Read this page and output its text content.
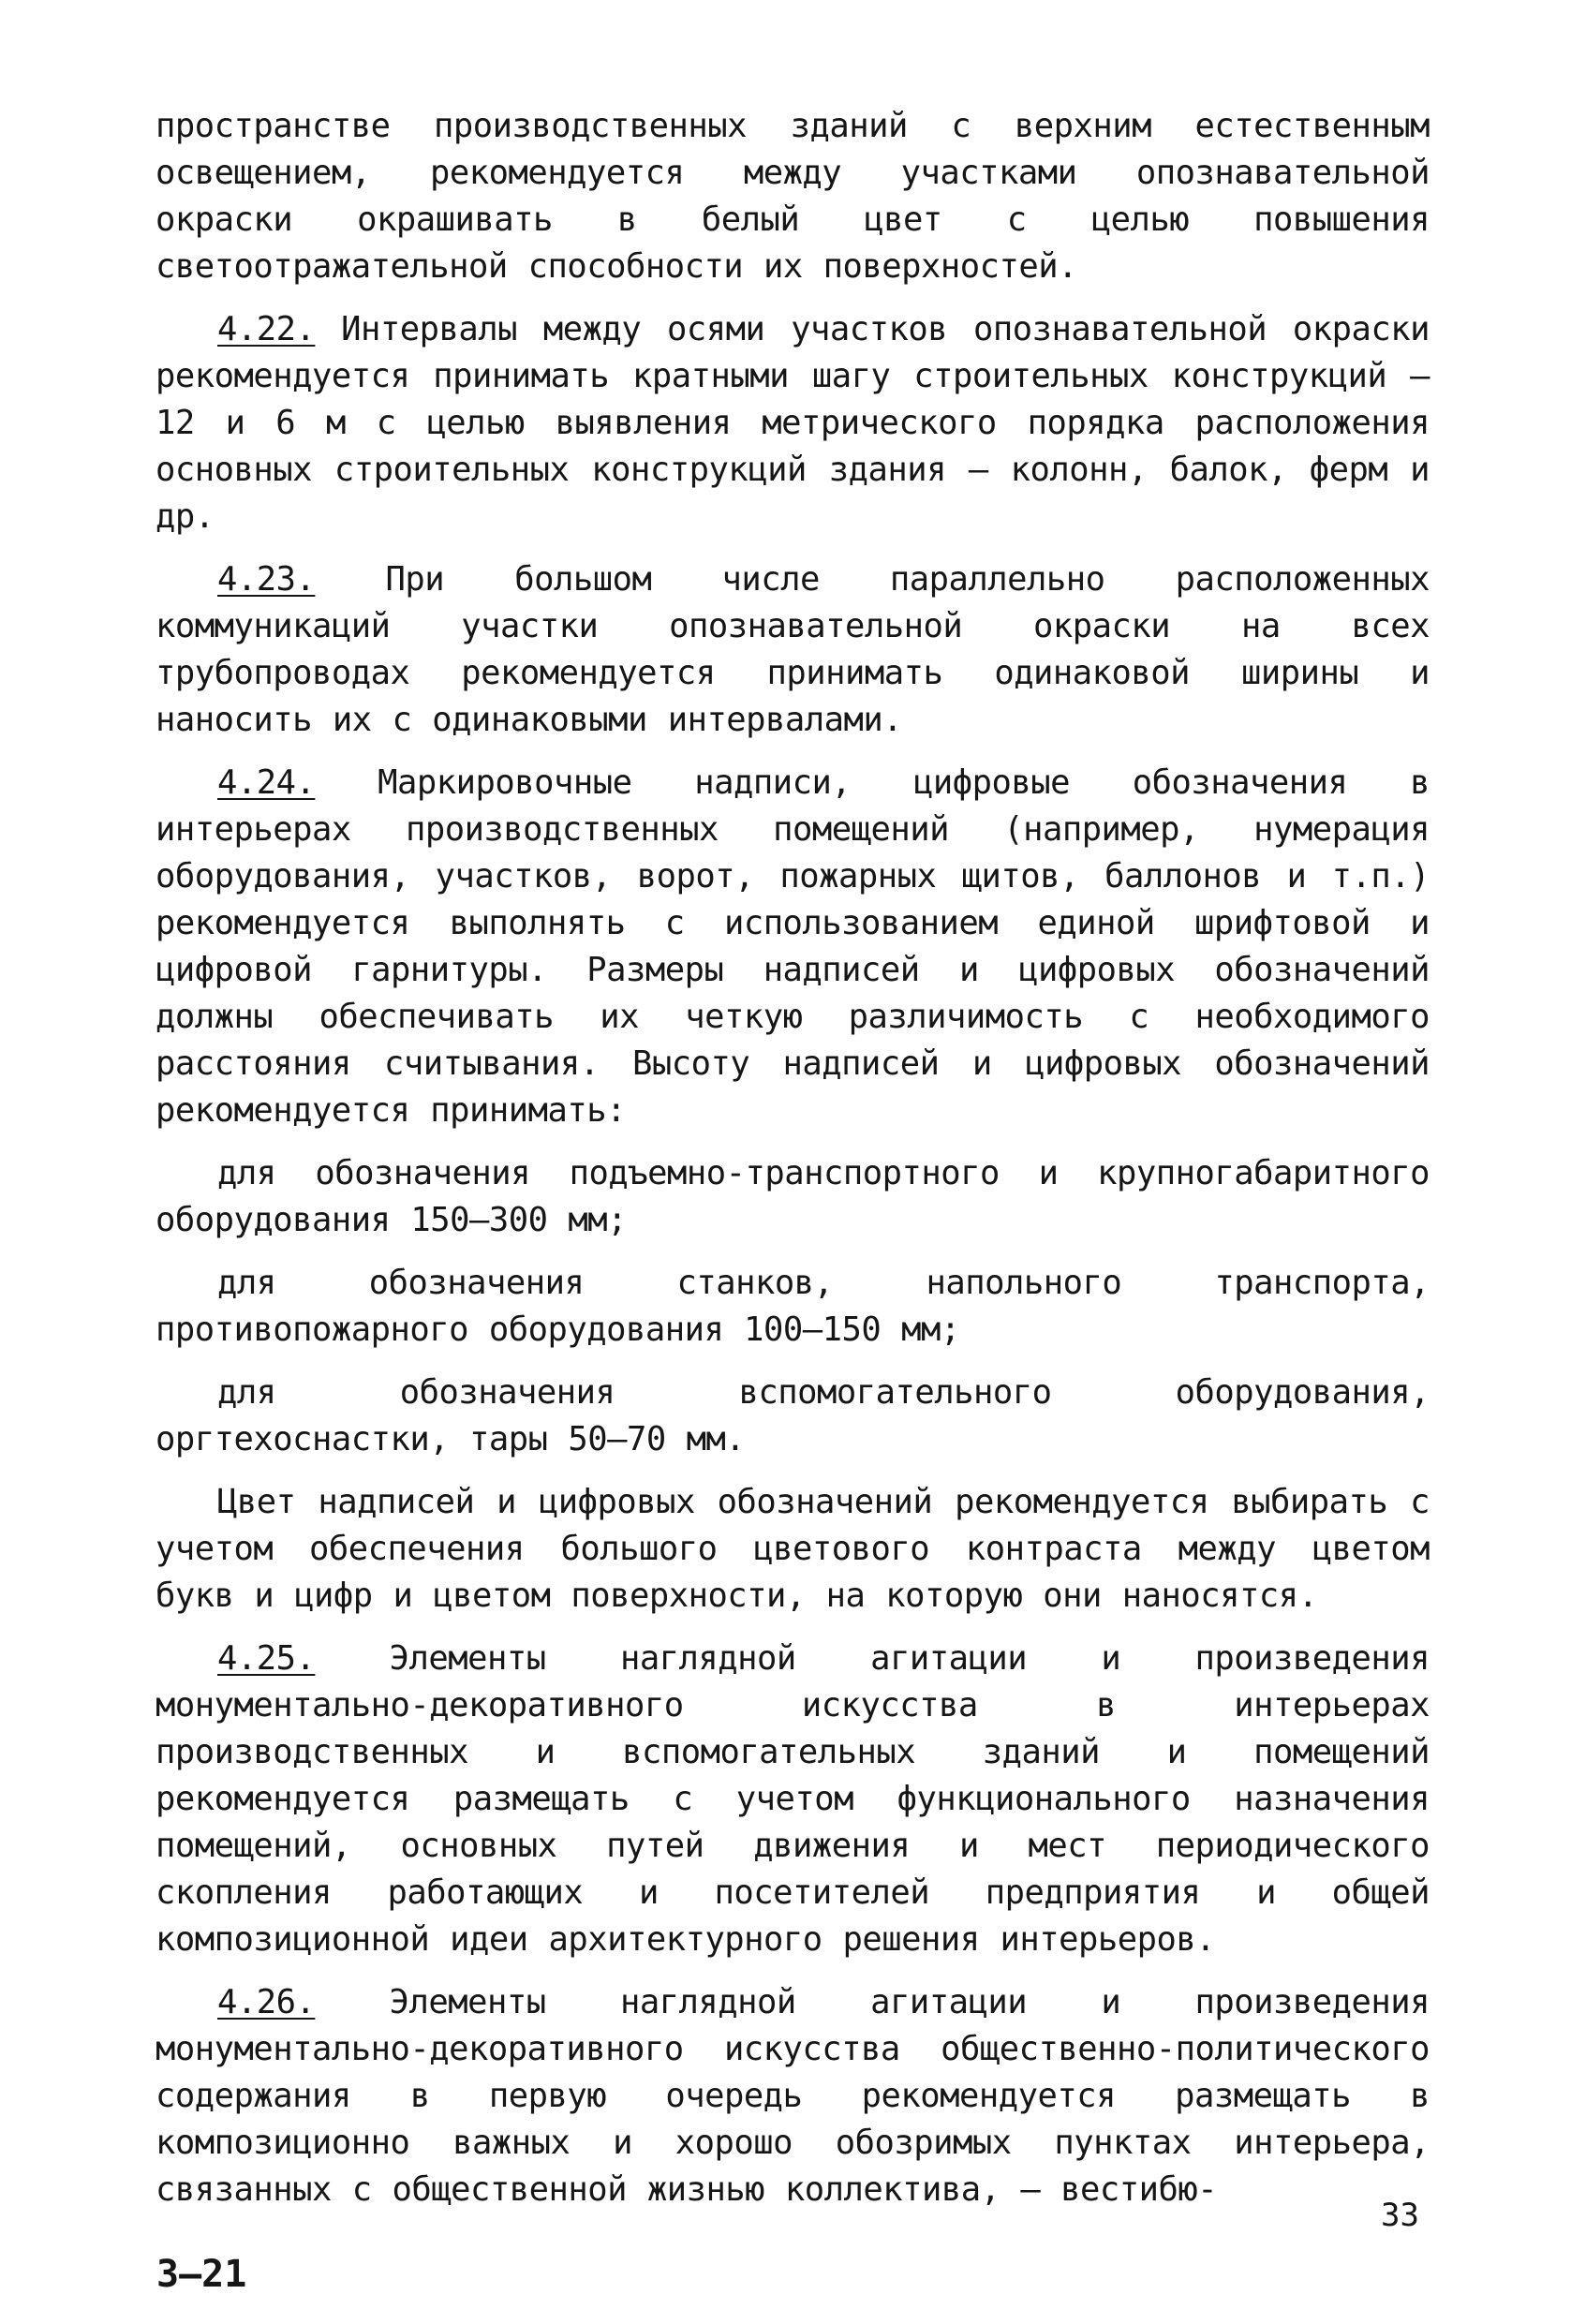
пространстве производственных зданий с верхним естественным освещением, рекомендуется между участками опознавательной окраски окрашивать в белый цвет с целью повышения светоотражательной способности их поверхностей.

4.22. Интервалы между осями участков опознавательной окраски рекомендуется принимать кратными шагу строительных конструкций – 12 и 6 м с целью выявления метрического порядка расположения основных строительных конструкций здания – колонн, балок, ферм и др.

4.23. При большом числе параллельно расположенных коммуникаций участки опознавательной окраски на всех трубопроводах рекомендуется принимать одинаковой ширины и наносить их с одинаковыми интервалами.

4.24. Маркировочные надписи, цифровые обозначения в интерьерах производственных помещений (например, нумерация оборудования, участков, ворот, пожарных щитов, баллонов и т.п.) рекомендуется выполнять с использованием единой шрифтовой и цифровой гарнитуры. Размеры надписей и цифровых обозначений должны обеспечивать их четкую различимость с необходимого расстояния считывания. Высоту надписей и цифровых обозначений рекомендуется принимать:

для обозначения подъемно-транспортного и крупногабаритного оборудования 150–300 мм;

для обозначения станков, напольного транспорта, противопожарного оборудования 100–150 мм;

для обозначения вспомогательного оборудования, оргтехоснастки, тары 50–70 мм.

Цвет надписей и цифровых обозначений рекомендуется выбирать с учетом обеспечения большого цветового контраста между цветом букв и цифр и цветом поверхности, на которую они наносятся.

4.25. Элементы наглядной агитации и произведения монументально-декоративного искусства в интерьерах производственных и вспомогательных зданий и помещений рекомендуется размещать с учетом функционального назначения помещений, основных путей движения и мест периодического скопления работающих и посетителей предприятия и общей композиционной идеи архитектурного решения интерьеров.

4.26. Элементы наглядной агитации и произведения монументально-декоративного искусства общественно-политического содержания в первую очередь рекомендуется размещать в композиционно важных и хорошо обозримых пунктах интерьера, связанных с общественной жизнью коллектива, – вестибю-

33
3–21
